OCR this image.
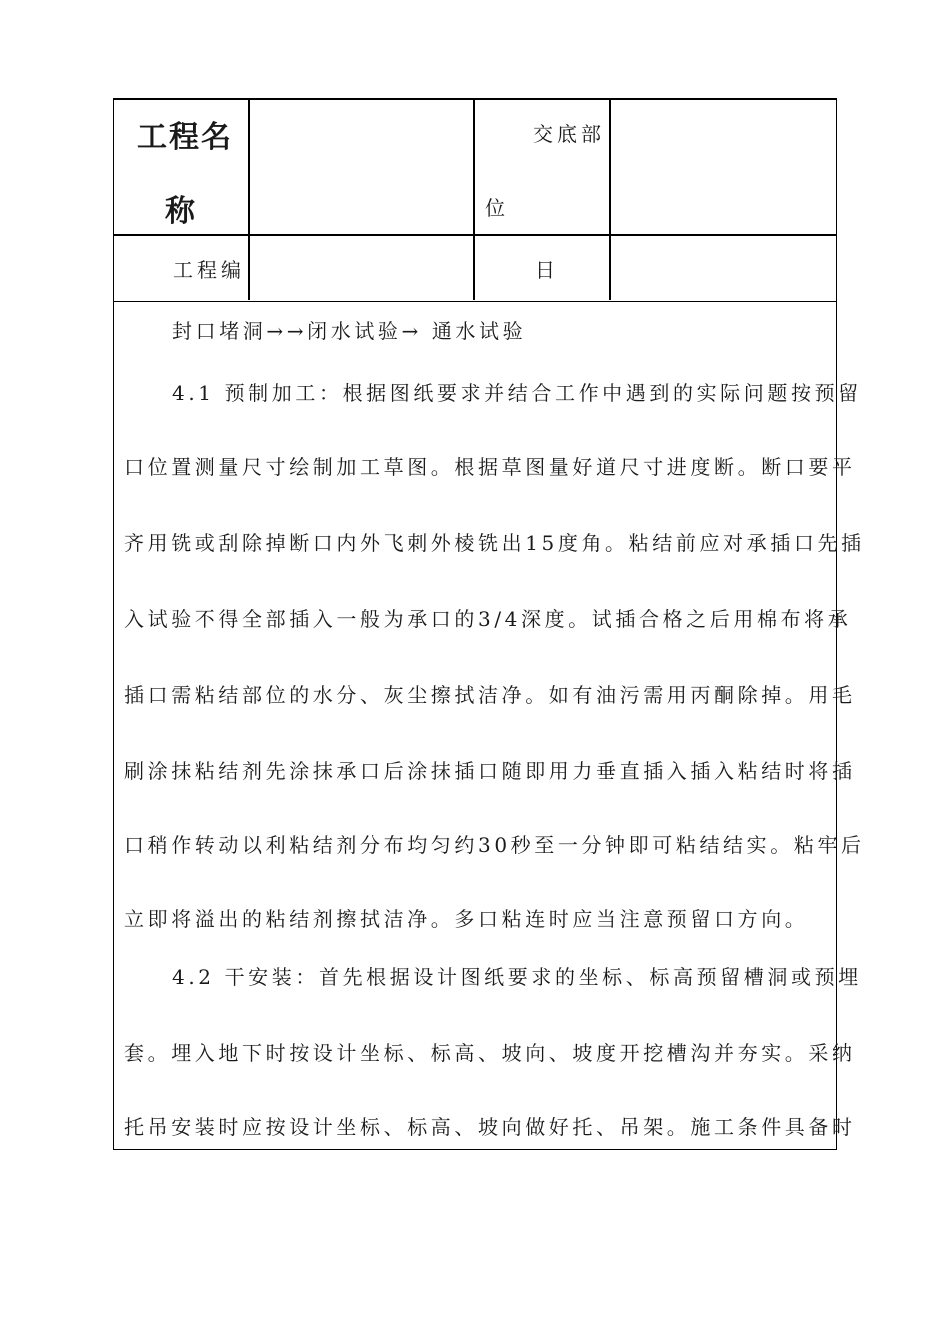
工程名
称
交底部
位
工程编	日
封口堵洞→→闭水试验→ 通水试验
4.1 预制加工：根据图纸要求并结合工作中遇到的实际问题按预留
口位置测量尺寸绘制加工草图。根据草图量好道尺寸进度断。断口要平
齐用铣或刮除掉断口内外飞刺外棱铣出15度角。粘结前应对承插口先插
入试验不得全部插入一般为承口的3/4深度。试插合格之后用棉布将承
插口需粘结部位的水分、灰尘擦拭洁净。如有油污需用丙酮除掉。用毛
刷涂抹粘结剂先涂抹承口后涂抹插口随即用力垂直插入插入粘结时将插
口稍作转动以利粘结剂分布均匀约30秒至一分钟即可粘结结实。粘牢后
立即将溢出的粘结剂擦拭洁净。多口粘连时应当注意预留口方向。
4.2 干安装：首先根据设计图纸要求的坐标、标高预留槽洞或预埋
套。埋入地下时按设计坐标、标高、坡向、坡度开挖槽沟并夯实。采纳
托吊安装时应按设计坐标、标高、坡向做好托、吊架。施工条件具备时
